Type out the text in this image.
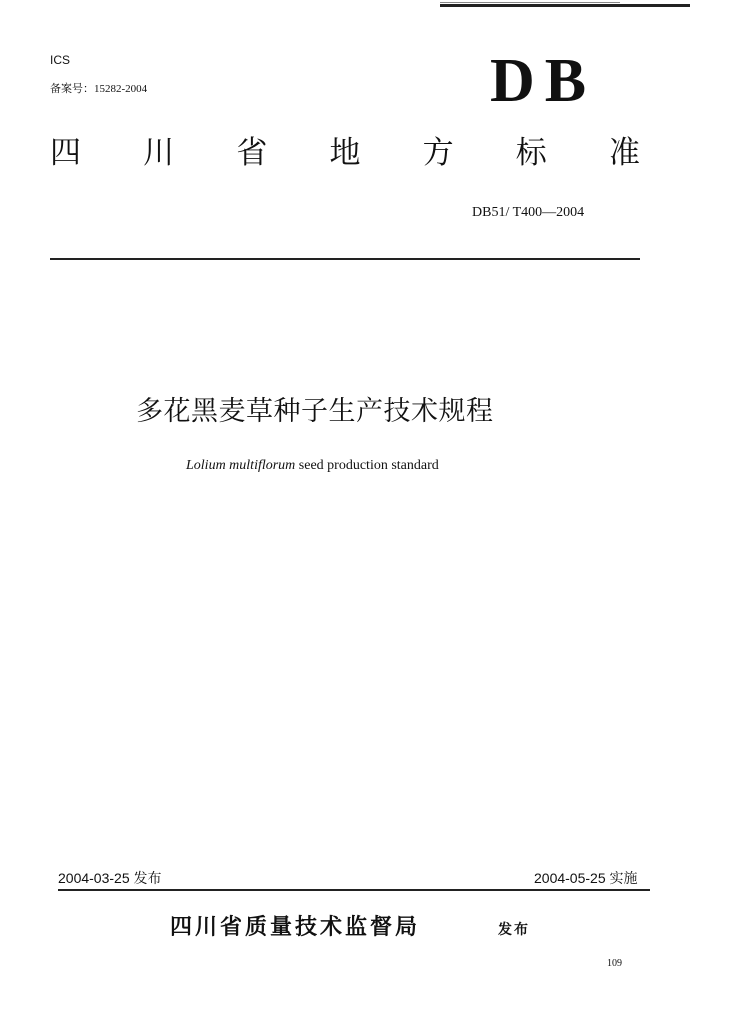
ICS
备案号：15282-2004	DB
四 川 省 地 方 标 准
DB51/ T400—2004
多花黑麦草种子生产技术规程
Lolium multiflorum seed production standard
2004-03-25 发布	2004-05-25 实施
四川省质量技术监督局	发布
109
